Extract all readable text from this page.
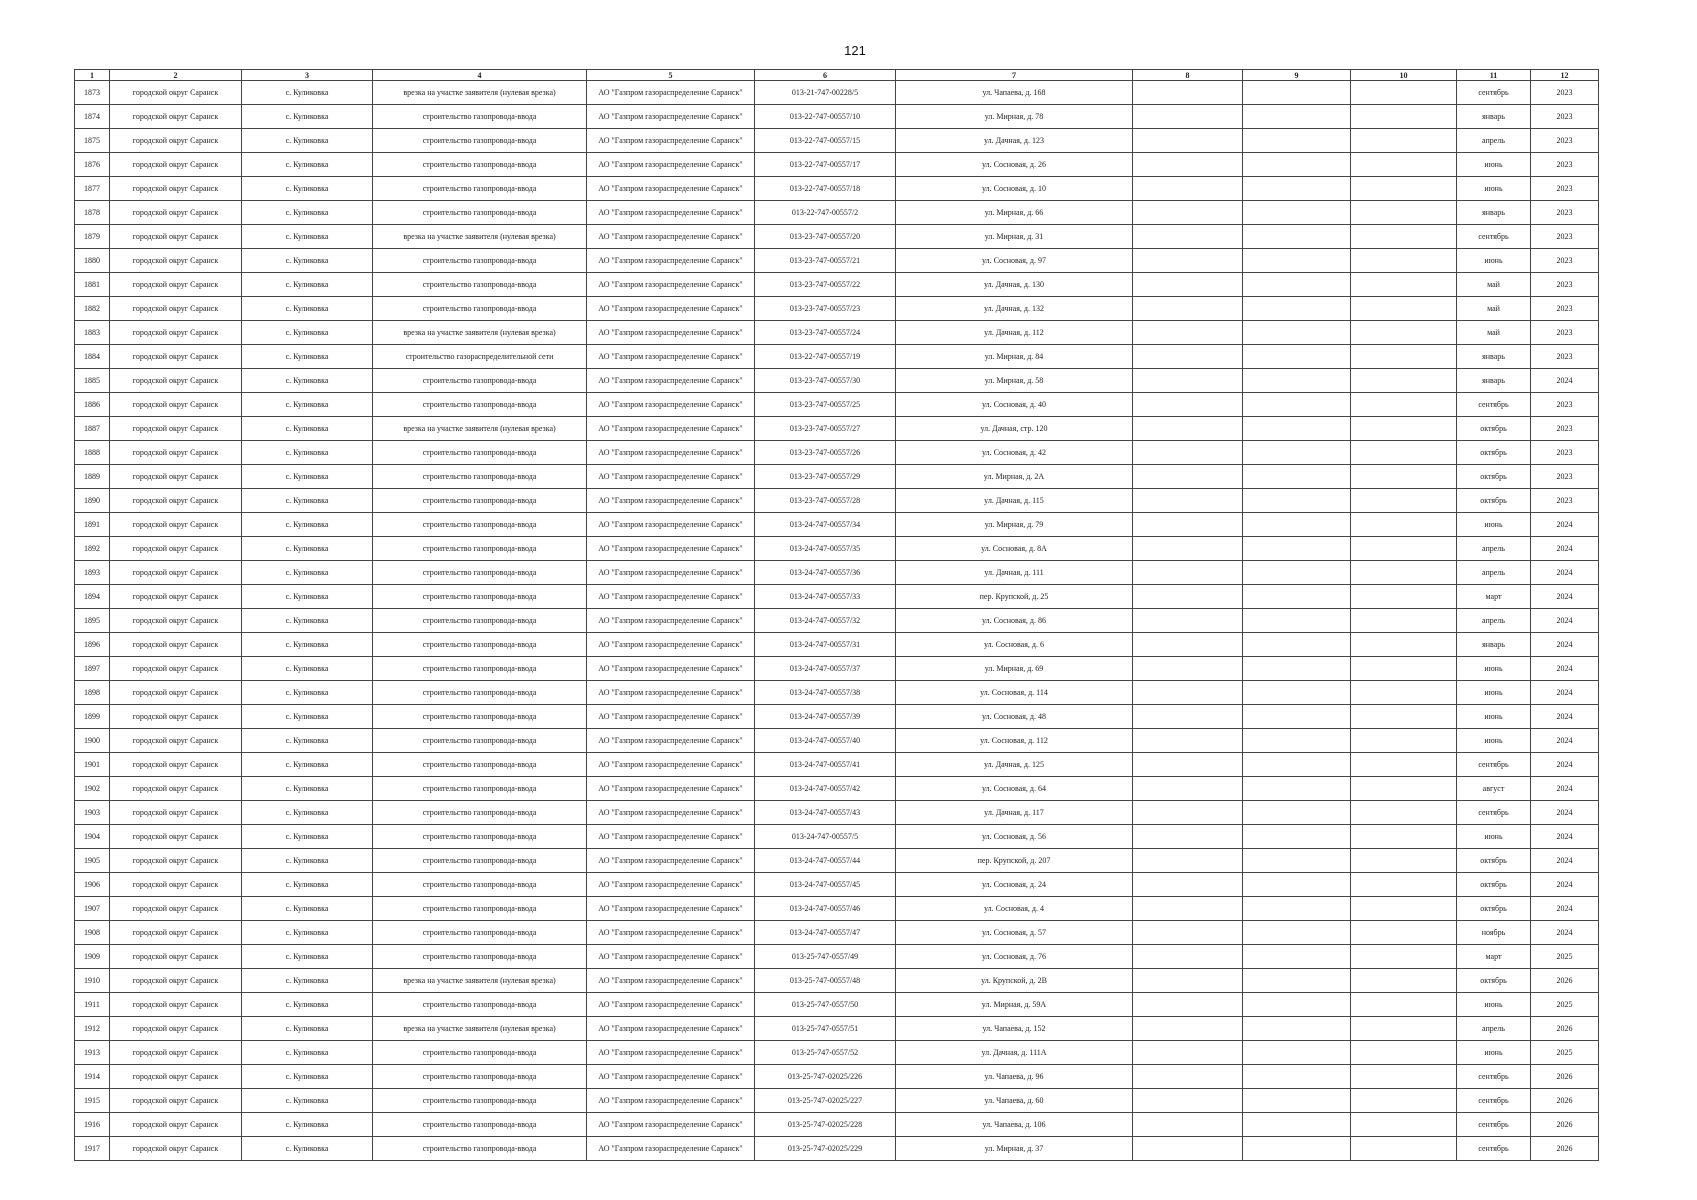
121
1	2	3	4	5	6	7	8	9	10	11	12
1873	городской округ Саранск	с. Куликовка	врезка на участке заявителя (нулевая врезка)	АО "Газпром газораспределение Саранск"	013-21-747-00228/5	ул. Чапаева, д. 168				сентябрь	2023
1874	городской округ Саранск	с. Куликовка	строительство газопровода-ввода	АО "Газпром газораспределение Саранск"	013-22-747-00557/10	ул. Мирная, д. 78				январь	2023
1875	городской округ Саранск	с. Куликовка	строительство газопровода-ввода	АО "Газпром газораспределение Саранск"	013-22-747-00557/15	ул. Дачная, д. 123				апрель	2023
1876	городской округ Саранск	с. Куликовка	строительство газопровода-ввода	АО "Газпром газораспределение Саранск"	013-22-747-00557/17	ул. Сосновая, д. 26				июнь	2023
1877	городской округ Саранск	с. Куликовка	строительство газопровода-ввода	АО "Газпром газораспределение Саранск"	013-22-747-00557/18	ул. Сосновая, д. 10				июнь	2023
1878	городской округ Саранск	с. Куликовка	строительство газопровода-ввода	АО "Газпром газораспределение Саранск"	013-22-747-00557/2	ул. Мирная, д. 66				январь	2023
1879	городской округ Саранск	с. Куликовка	врезка на участке заявителя (нулевая врезка)	АО "Газпром газораспределение Саранск"	013-23-747-00557/20	ул. Мирная, д. 31				сентябрь	2023
1880	городской округ Саранск	с. Куликовка	строительство газопровода-ввода	АО "Газпром газораспределение Саранск"	013-23-747-00557/21	ул. Сосновая, д. 97				июнь	2023
1881	городской округ Саранск	с. Куликовка	строительство газопровода-ввода	АО "Газпром газораспределение Саранск"	013-23-747-00557/22	ул. Дачная, д. 130				май	2023
1882	городской округ Саранск	с. Куликовка	строительство газопровода-ввода	АО "Газпром газораспределение Саранск"	013-23-747-00557/23	ул. Дачная, д. 132				май	2023
1883	городской округ Саранск	с. Куликовка	врезка на участке заявителя (нулевая врезка)	АО "Газпром газораспределение Саранск"	013-23-747-00557/24	ул. Дачная, д. 112				май	2023
1884	городской округ Саранск	с. Куликовка	строительство газораспределительной сети	АО "Газпром газораспределение Саранск"	013-22-747-00557/19	ул. Мирная, д. 84				январь	2023
1885	городской округ Саранск	с. Куликовка	строительство газопровода-ввода	АО "Газпром газораспределение Саранск"	013-23-747-00557/30	ул. Мирная, д. 58				январь	2024
1886	городской округ Саранск	с. Куликовка	строительство газопровода-ввода	АО "Газпром газораспределение Саранск"	013-23-747-00557/25	ул. Сосновая, д. 40				сентябрь	2023
1887	городской округ Саранск	с. Куликовка	врезка на участке заявителя (нулевая врезка)	АО "Газпром газораспределение Саранск"	013-23-747-00557/27	ул. Дачная, стр. 120				октябрь	2023
1888	городской округ Саранск	с. Куликовка	строительство газопровода-ввода	АО "Газпром газораспределение Саранск"	013-23-747-00557/26	ул. Сосновая, д. 42				октябрь	2023
1889	городской округ Саранск	с. Куликовка	строительство газопровода-ввода	АО "Газпром газораспределение Саранск"	013-23-747-00557/29	ул. Мирная, д. 2А				октябрь	2023
1890	городской округ Саранск	с. Куликовка	строительство газопровода-ввода	АО "Газпром газораспределение Саранск"	013-23-747-00557/28	ул. Дачная, д. 115				октябрь	2023
1891	городской округ Саранск	с. Куликовка	строительство газопровода-ввода	АО "Газпром газораспределение Саранск"	013-24-747-00557/34	ул. Мирная, д. 79				июнь	2024
1892	городской округ Саранск	с. Куликовка	строительство газопровода-ввода	АО "Газпром газораспределение Саранск"	013-24-747-00557/35	ул. Сосновая, д. 8А				апрель	2024
1893	городской округ Саранск	с. Куликовка	строительство газопровода-ввода	АО "Газпром газораспределение Саранск"	013-24-747-00557/36	ул. Дачная, д. 111				апрель	2024
1894	городской округ Саранск	с. Куликовка	строительство газопровода-ввода	АО "Газпром газораспределение Саранск"	013-24-747-00557/33	пер. Крупской, д. 25				март	2024
1895	городской округ Саранск	с. Куликовка	строительство газопровода-ввода	АО "Газпром газораспределение Саранск"	013-24-747-00557/32	ул. Сосновая, д. 86				апрель	2024
1896	городской округ Саранск	с. Куликовка	строительство газопровода-ввода	АО "Газпром газораспределение Саранск"	013-24-747-00557/31	ул. Сосновая, д. 6				январь	2024
1897	городской округ Саранск	с. Куликовка	строительство газопровода-ввода	АО "Газпром газораспределение Саранск"	013-24-747-00557/37	ул. Мирная, д. 69				июнь	2024
1898	городской округ Саранск	с. Куликовка	строительство газопровода-ввода	АО "Газпром газораспределение Саранск"	013-24-747-00557/38	ул. Сосновая, д. 114				июнь	2024
1899	городской округ Саранск	с. Куликовка	строительство газопровода-ввода	АО "Газпром газораспределение Саранск"	013-24-747-00557/39	ул. Сосновая, д. 48				июнь	2024
1900	городской округ Саранск	с. Куликовка	строительство газопровода-ввода	АО "Газпром газораспределение Саранск"	013-24-747-00557/40	ул. Сосновая, д. 112				июнь	2024
1901	городской округ Саранск	с. Куликовка	строительство газопровода-ввода	АО "Газпром газораспределение Саранск"	013-24-747-00557/41	ул. Дачная, д. 125				сентябрь	2024
1902	городской округ Саранск	с. Куликовка	строительство газопровода-ввода	АО "Газпром газораспределение Саранск"	013-24-747-00557/42	ул. Сосновая, д. 64				август	2024
1903	городской округ Саранск	с. Куликовка	строительство газопровода-ввода	АО "Газпром газораспределение Саранск"	013-24-747-00557/43	ул. Дачная, д. 117				сентябрь	2024
1904	городской округ Саранск	с. Куликовка	строительство газопровода-ввода	АО "Газпром газораспределение Саранск"	013-24-747-00557/5	ул. Сосновая, д. 56				июнь	2024
1905	городской округ Саранск	с. Куликовка	строительство газопровода-ввода	АО "Газпром газораспределение Саранск"	013-24-747-00557/44	пер. Крупской, д. 207				октябрь	2024
1906	городской округ Саранск	с. Куликовка	строительство газопровода-ввода	АО "Газпром газораспределение Саранск"	013-24-747-00557/45	ул. Сосновая, д. 24				октябрь	2024
1907	городской округ Саранск	с. Куликовка	строительство газопровода-ввода	АО "Газпром газораспределение Саранск"	013-24-747-00557/46	ул. Сосновая, д. 4				октябрь	2024
1908	городской округ Саранск	с. Куликовка	строительство газопровода-ввода	АО "Газпром газораспределение Саранск"	013-24-747-00557/47	ул. Сосновая, д. 57				ноябрь	2024
1909	городской округ Саранск	с. Куликовка	строительство газопровода-ввода	АО "Газпром газораспределение Саранск"	013-25-747-0557/49	ул. Сосновая, д. 76				март	2025
1910	городской округ Саранск	с. Куликовка	врезка на участке заявителя (нулевая врезка)	АО "Газпром газораспределение Саранск"	013-25-747-00557/48	ул. Крупской, д. 2В				октябрь	2026
1911	городской округ Саранск	с. Куликовка	строительство газопровода-ввода	АО "Газпром газораспределение Саранск"	013-25-747-0557/50	ул. Мирная, д. 59А				июнь	2025
1912	городской округ Саранск	с. Куликовка	врезка на участке заявителя (нулевая врезка)	АО "Газпром газораспределение Саранск"	013-25-747-0557/51	ул. Чапаева, д. 152				апрель	2026
1913	городской округ Саранск	с. Куликовка	строительство газопровода-ввода	АО "Газпром газораспределение Саранск"	013-25-747-0557/52	ул. Дачная, д. 111А				июнь	2025
1914	городской округ Саранск	с. Куликовка	строительство газопровода-ввода	АО "Газпром газораспределение Саранск"	013-25-747-02025/226	ул. Чапаева, д. 96				сентябрь	2026
1915	городской округ Саранск	с. Куликовка	строительство газопровода-ввода	АО "Газпром газораспределение Саранск"	013-25-747-02025/227	ул. Чапаева, д. 60				сентябрь	2026
1916	городской округ Саранск	с. Куликовка	строительство газопровода-ввода	АО "Газпром газораспределение Саранск"	013-25-747-02025/228	ул. Чапаева, д. 106				сентябрь	2026
1917	городской округ Саранск	с. Куликовка	строительство газопровода-ввода	АО "Газпром газораспределение Саранск"	013-25-747-02025/229	ул. Мирная, д. 37				сентябрь	2026
